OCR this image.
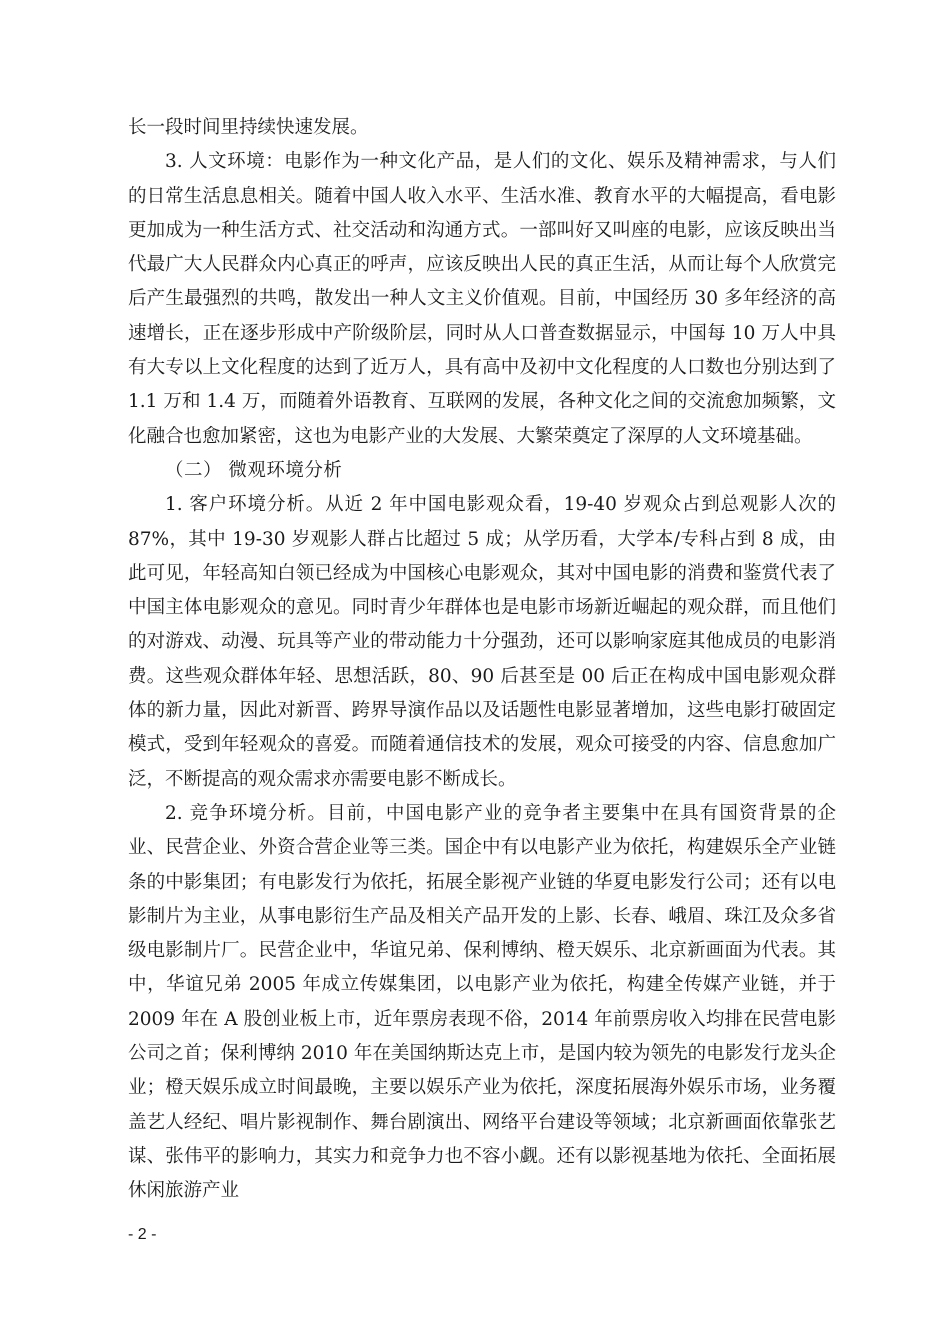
长一段时间里持续快速发展。

3. 人文环境：电影作为一种文化产品，是人们的文化、娱乐及精神需求，与人们的日常生活息息相关。随着中国人收入水平、生活水准、教育水平的大幅提高，看电影更加成为一种生活方式、社交活动和沟通方式。一部叫好又叫座的电影，应该反映出当代最广大人民群众内心真正的呼声，应该反映出人民的真正生活，从而让每个人欣赏完后产生最强烈的共鸣，散发出一种人文主义价值观。目前，中国经历 30 多年经济的高速增长，正在逐步形成中产阶级阶层，同时从人口普查数据显示，中国每 10 万人中具有大专以上文化程度的达到了近万人，具有高中及初中文化程度的人口数也分别达到了 1.1 万和 1.4 万，而随着外语教育、互联网的发展，各种文化之间的交流愈加频繁，文化融合也愈加紧密，这也为电影产业的大发展、大繁荣奠定了深厚的人文环境基础。

（二） 微观环境分析

1. 客户环境分析。从近 2 年中国电影观众看，19-40 岁观众占到总观影人次的 87%，其中 19-30 岁观影人群占比超过 5 成；从学历看，大学本/专科占到 8 成，由此可见，年轻高知白领已经成为中国核心电影观众，其对中国电影的消费和鉴赏代表了中国主体电影观众的意见。同时青少年群体也是电影市场新近崛起的观众群，而且他们的对游戏、动漫、玩具等产业的带动能力十分强劲，还可以影响家庭其他成员的电影消费。这些观众群体年轻、思想活跃，80、90 后甚至是 00 后正在构成中国电影观众群体的新力量，因此对新晋、跨界导演作品以及话题性电影显著增加，这些电影打破固定模式，受到年轻观众的喜爱。而随着通信技术的发展，观众可接受的内容、信息愈加广泛，不断提高的观众需求亦需要电影不断成长。

2. 竞争环境分析。目前，中国电影产业的竞争者主要集中在具有国资背景的企业、民营企业、外资合营企业等三类。国企中有以电影产业为依托，构建娱乐全产业链条的中影集团；有电影发行为依托，拓展全影视产业链的华夏电影发行公司；还有以电影制片为主业，从事电影衍生产品及相关产品开发的上影、长春、峨眉、珠江及众多省级电影制片厂。民营企业中，华谊兄弟、保利博纳、橙天娱乐、北京新画面为代表。其中，华谊兄弟 2005 年成立传媒集团，以电影产业为依托，构建全传媒产业链，并于 2009 年在 A 股创业板上市，近年票房表现不俗，2014 年前票房收入均排在民营电影公司之首；保利博纳 2010 年在美国纳斯达克上市，是国内较为领先的电影发行龙头企业；橙天娱乐成立时间最晚，主要以娱乐产业为依托，深度拓展海外娱乐市场，业务覆盖艺人经纪、唱片影视制作、舞台剧演出、网络平台建设等领域；北京新画面依靠张艺谋、张伟平的影响力，其实力和竞争力也不容小觑。还有以影视基地为依托、全面拓展休闲旅游产业

- 2 -
